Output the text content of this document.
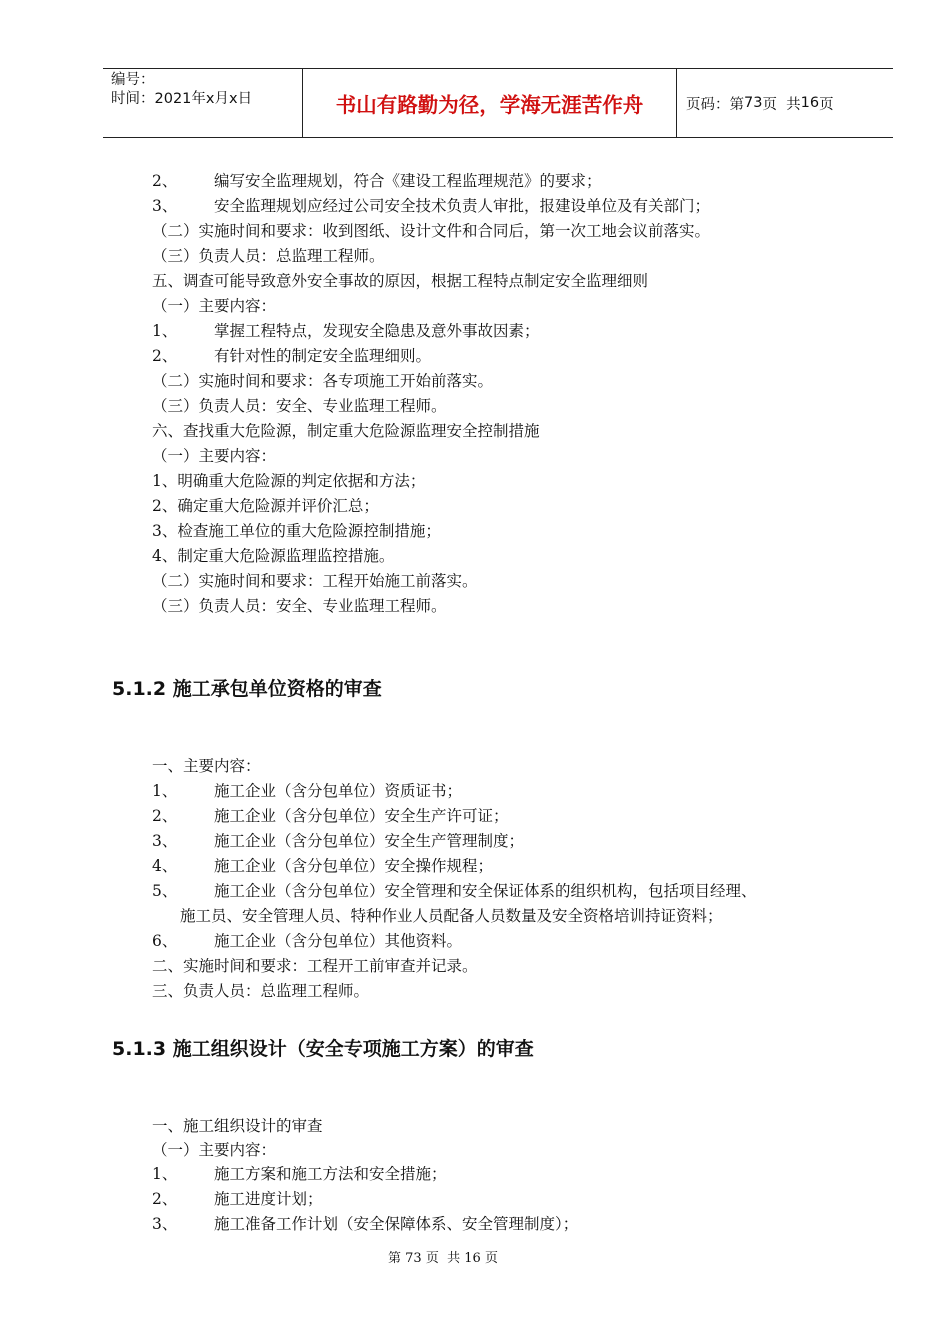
编号：
时间：2021年x月x日	书山有路勤为径，学海无涯苦作舟	页码：第 73 页  共 16 页
2、 编写安全监理规划，符合《建设工程监理规范》的要求；
3、 安全监理规划应经过公司安全技术负责人审批，报建设单位及有关部门；
（二）实施时间和要求：收到图纸、设计文件和合同后，第一次工地会议前落实。
（三）负责人员：总监理工程师。
五、调查可能导致意外安全事故的原因，根据工程特点制定安全监理细则
（一）主要内容：
1、 掌握工程特点，发现安全隐患及意外事故因素；
2、 有针对性的制定安全监理细则。
（二）实施时间和要求：各专项施工开始前落实。
（三）负责人员：安全、专业监理工程师。
六、查找重大危险源，制定重大危险源监理安全控制措施
（一）主要内容：
1、明确重大危险源的判定依据和方法；
2、确定重大危险源并评价汇总；
3、检查施工单位的重大危险源控制措施；
4、制定重大危险源监理监控措施。
（二）实施时间和要求：工程开始施工前落实。
（三）负责人员：安全、专业监理工程师。
5.1.2 施工承包单位资格的审查
一、主要内容：
1、 施工企业（含分包单位）资质证书；
2、 施工企业（含分包单位）安全生产许可证；
3、 施工企业（含分包单位）安全生产管理制度；
4、 施工企业（含分包单位）安全操作规程；
5、 施工企业（含分包单位）安全管理和安全保证体系的组织机构，包括项目经理、
施工员、安全管理人员、特种作业人员配备人员数量及安全资格培训持证资料；
6、 施工企业（含分包单位）其他资料。
二、实施时间和要求：工程开工前审查并记录。
三、负责人员：总监理工程师。
5.1.3 施工组织设计（安全专项施工方案）的审查
一、施工组织设计的审查
（一）主要内容：
1、 施工方案和施工方法和安全措施；
2、 施工进度计划；
3、 施工准备工作计划（安全保障体系、安全管理制度）；
第 73 页  共 16 页
